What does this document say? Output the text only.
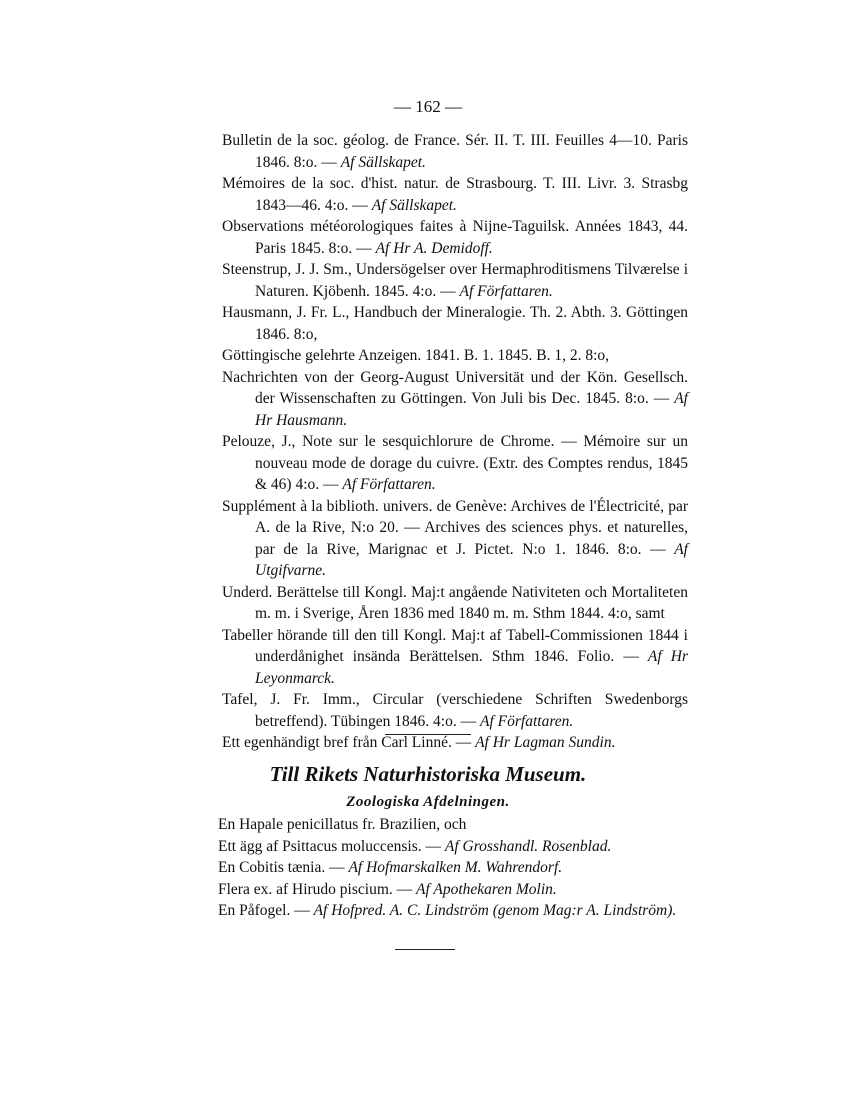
— 162 —

Bulletin de la soc. géolog. de France. Sér. II. T. III. Feuilles 4—10. Paris 1846. 8:o. — Af Sällskapet.

Mémoires de la soc. d'hist. natur. de Strasbourg. T. III. Livr. 3. Strasbg 1843—46. 4:o. — Af Sällskapet.

Observations météorologiques faites à Nijne-Taguilsk. Années 1843, 44. Paris 1845. 8:o. — Af Hr A. Demidoff.

Steenstrup, J. J. Sm., Undersögelser over Hermaphroditismens Tilværelse i Naturen. Kjöbenh. 1845. 4:o. — Af Författaren.

Hausmann, J. Fr. L., Handbuch der Mineralogie. Th. 2. Abth. 3. Göttingen 1846. 8:o,

Göttingische gelehrte Anzeigen. 1841. B. 1. 1845. B. 1, 2. 8:o,

Nachrichten von der Georg-August Universität und der Kön. Gesellsch. der Wissenschaften zu Göttingen. Von Juli bis Dec. 1845. 8:o. — Af Hr Hausmann.

Pelouze, J., Note sur le sesquichlorure de Chrome. — Mémoire sur un nouveau mode de dorage du cuivre. (Extr. des Comptes rendus, 1845 & 46) 4:o. — Af Författaren.

Supplément à la biblioth. univers. de Genève: Archives de l'Électricité, par A. de la Rive, N:o 20. — Archives des sciences phys. et naturelles, par de la Rive, Marignac et J. Pictet. N:o 1. 1846. 8:o. — Af Utgifvarne.

Underd. Berättelse till Kongl. Maj:t angående Nativiteten och Mortaliteten m. m. i Sverige, Åren 1836 med 1840 m. m. Sthm 1844. 4:o, samt

Tabeller hörande till den till Kongl. Maj:t af Tabell-Commissionen 1844 i underdånighet insända Berättelsen. Sthm 1846. Folio. — Af Hr Leyonmarck.

Tafel, J. Fr. Imm., Circular (verschiedene Schriften Swedenborgs betreffend). Tübingen 1846. 4:o. — Af Författaren.

Ett egenhändigt bref från Carl Linné. — Af Hr Lagman Sundin.

Till Rikets Naturhistoriska Museum.
Zoologiska Afdelningen.

En Hapale penicillatus fr. Brazilien, och

Ett ägg af Psittacus moluccensis. — Af Grosshandl. Rosenblad.

En Cobitis tænia. — Af Hofmarskalken M. Wahrendorf.

Flera ex. af Hirudo piscium. — Af Apothekaren Molin.

En Påfogel. — Af Hofpred. A. C. Lindström (genom Mag:r A. Lindström).
